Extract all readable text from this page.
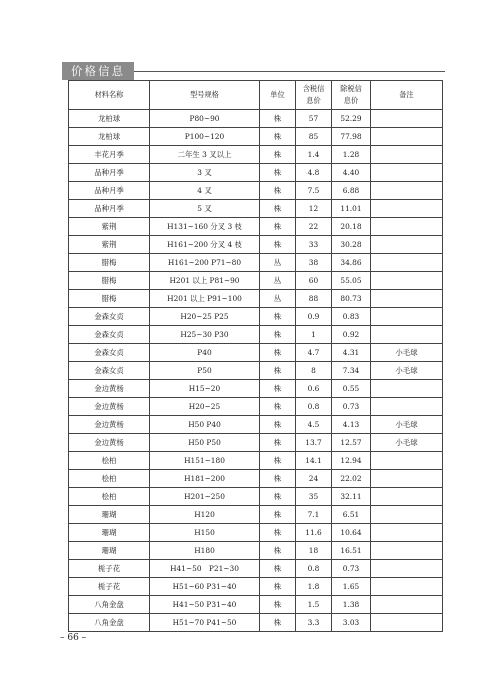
价格信息
材料名称	型号规格	单位	含税信息价	除税信息价	备注
龙柏球	P80~90	株	57	52.29	
龙柏球	P100~120	株	85	77.98	
丰花月季	二年生 3 叉以上	株	1.4	1.28	
品种月季	3 叉	株	4.8	4.40	
品种月季	4 叉	株	7.5	6.88	
品种月季	5 叉	株	12	11.01	
紫荆	H131~160 分叉 3 枝	株	22	20.18	
紫荆	H161~200 分叉 4 枝	株	33	30.28	
腊梅	H161~200 P71~80	丛	38	34.86	
腊梅	H201 以上 P81~90	丛	60	55.05	
腊梅	H201 以上 P91~100	丛	88	80.73	
金森女贞	H20~25 P25	株	0.9	0.83	
金森女贞	H25~30 P30	株	1	0.92	
金森女贞	P40	株	4.7	4.31	小毛球
金森女贞	P50	株	8	7.34	小毛球
金边黄杨	H15~20	株	0.6	0.55	
金边黄杨	H20~25	株	0.8	0.73	
金边黄杨	H50 P40	株	4.5	4.13	小毛球
金边黄杨	H50 P50	株	13.7	12.57	小毛球
桧柏	H151~180	株	14.1	12.94	
桧柏	H181~200	株	24	22.02	
桧柏	H201~250	株	35	32.11	
珊瑚	H120	株	7.1	6.51	
珊瑚	H150	株	11.6	10.64	
珊瑚	H180	株	18	16.51	
栀子花	H41~50　P21~30	株	0.8	0.73	
栀子花	H51~60 P31~40	株	1.8	1.65	
八角金盘	H41~50 P31~40	株	1.5	1.38	
八角金盘	H51~70 P41~50	株	3.3	3.03	
– 66 –
